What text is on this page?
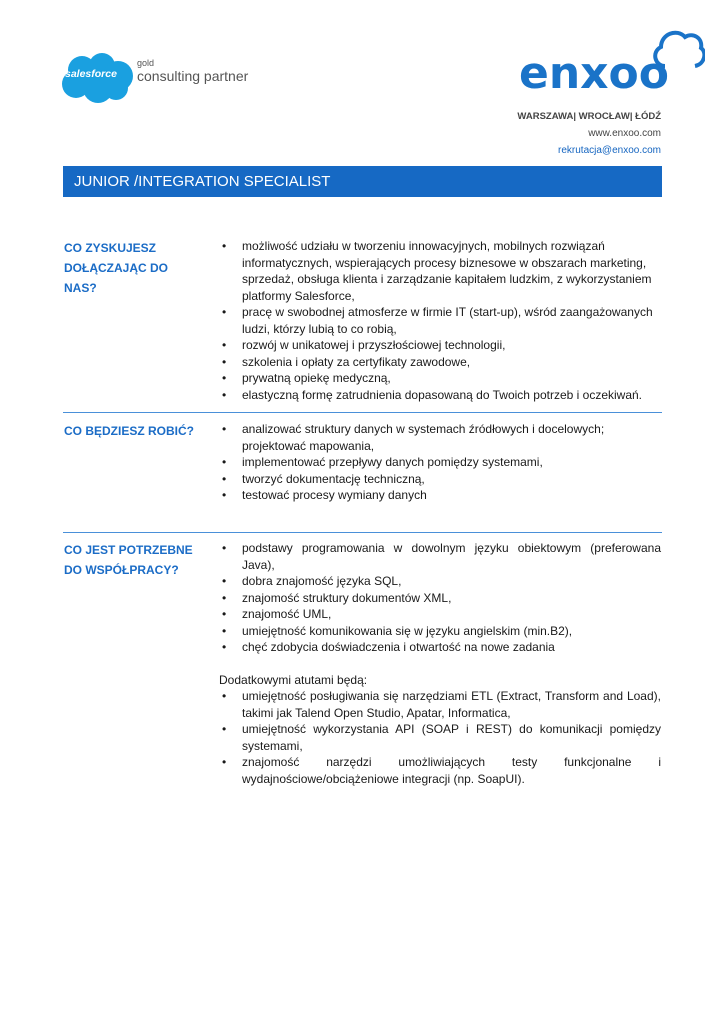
salesforce
gold
consulting partner	enxoo
WARSZAWA| WROCŁAW| ŁÓDŹ
www.enxoo.com
rekrutacja@enxoo.com
JUNIOR /INTEGRATION SPECIALIST
CO ZYSKUJESZ DOŁĄCZAJĄC DO NAS?
• możliwość udziału w tworzeniu innowacyjnych, mobilnych rozwiązań informatycznych, wspierających procesy biznesowe w obszarach marketing, sprzedaż, obsługa klienta i zarządzanie kapitałem ludzkim, z wykorzystaniem platformy Salesforce,
• pracę w swobodnej atmosferze w firmie IT (start-up), wśród zaangażowanych ludzi, którzy lubią to co robią,
• rozwój w unikatowej i przyszłościowej technologii,
• szkolenia i opłaty za certyfikaty zawodowe,
• prywatną opiekę medyczną,
• elastyczną formę zatrudnienia dopasowaną do Twoich potrzeb i oczekiwań.
CO BĘDZIESZ ROBIĆ?
•	analizować struktury danych w systemach źródłowych i docelowych; projektować mapowania,
• implementować przepływy danych pomiędzy systemami,
• tworzyć dokumentację techniczną,
• testować procesy wymiany danych
CO JEST POTRZEBNE DO WSPÓŁPRACY?
• podstawy programowania w dowolnym języku obiektowym (preferowana Java),
• dobra znajomość języka SQL,
• znajomość struktury dokumentów XML,
• znajomość UML,
• umiejętność komunikowania się w języku angielskim (min.B2),
• chęć zdobycia doświadczenia i otwartość na nowe zadania
Dodatkowymi atutami będą:
• umiejętność posługiwania się narzędziami ETL (Extract, Transform and Load), takimi jak Talend Open Studio, Apatar, Informatica,
• umiejętność wykorzystania API (SOAP i REST) do komunikacji pomiędzy systemami,
• znajomość narzędzi umożliwiających testy funkcjonalne i wydajnościowe/obciążeniowe integracji (np. SoapUI).
